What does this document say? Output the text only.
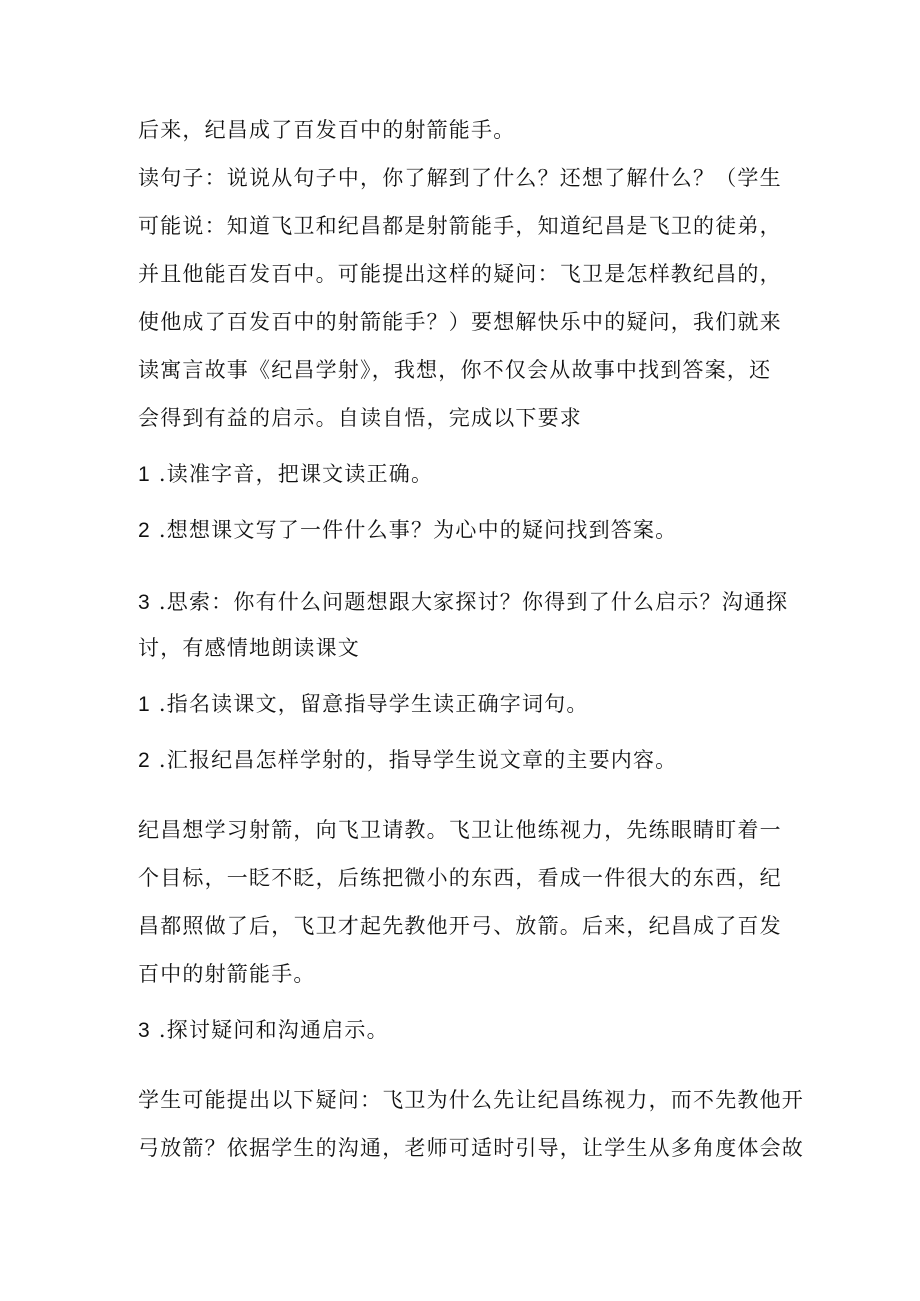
后来，纪昌成了百发百中的射箭能手。
读句子：说说从句子中，你了解到了什么？还想了解什么？（学生
可能说：知道飞卫和纪昌都是射箭能手，知道纪昌是飞卫的徒弟，
并且他能百发百中。可能提出这样的疑问：飞卫是怎样教纪昌的，
使他成了百发百中的射箭能手？）要想解快乐中的疑问，我们就来
读寓言故事《纪昌学射》，我想，你不仅会从故事中找到答案，还
会得到有益的启示。自读自悟，完成以下要求
1 .读准字音，把课文读正确。
2 .想想课文写了一件什么事？为心中的疑问找到答案。
3 .思索：你有什么问题想跟大家探讨？你得到了什么启示？沟通探
讨，有感情地朗读课文
1 .指名读课文，留意指导学生读正确字词句。
2 .汇报纪昌怎样学射的，指导学生说文章的主要内容。
纪昌想学习射箭，向飞卫请教。飞卫让他练视力，先练眼睛盯着一
个目标，一眨不眨，后练把微小的东西，看成一件很大的东西，纪
昌都照做了后，飞卫才起先教他开弓、放箭。后来，纪昌成了百发
百中的射箭能手。
3 .探讨疑问和沟通启示。
学生可能提出以下疑问：飞卫为什么先让纪昌练视力，而不先教他开
弓放箭？依据学生的沟通，老师可适时引导，让学生从多角度体会故
